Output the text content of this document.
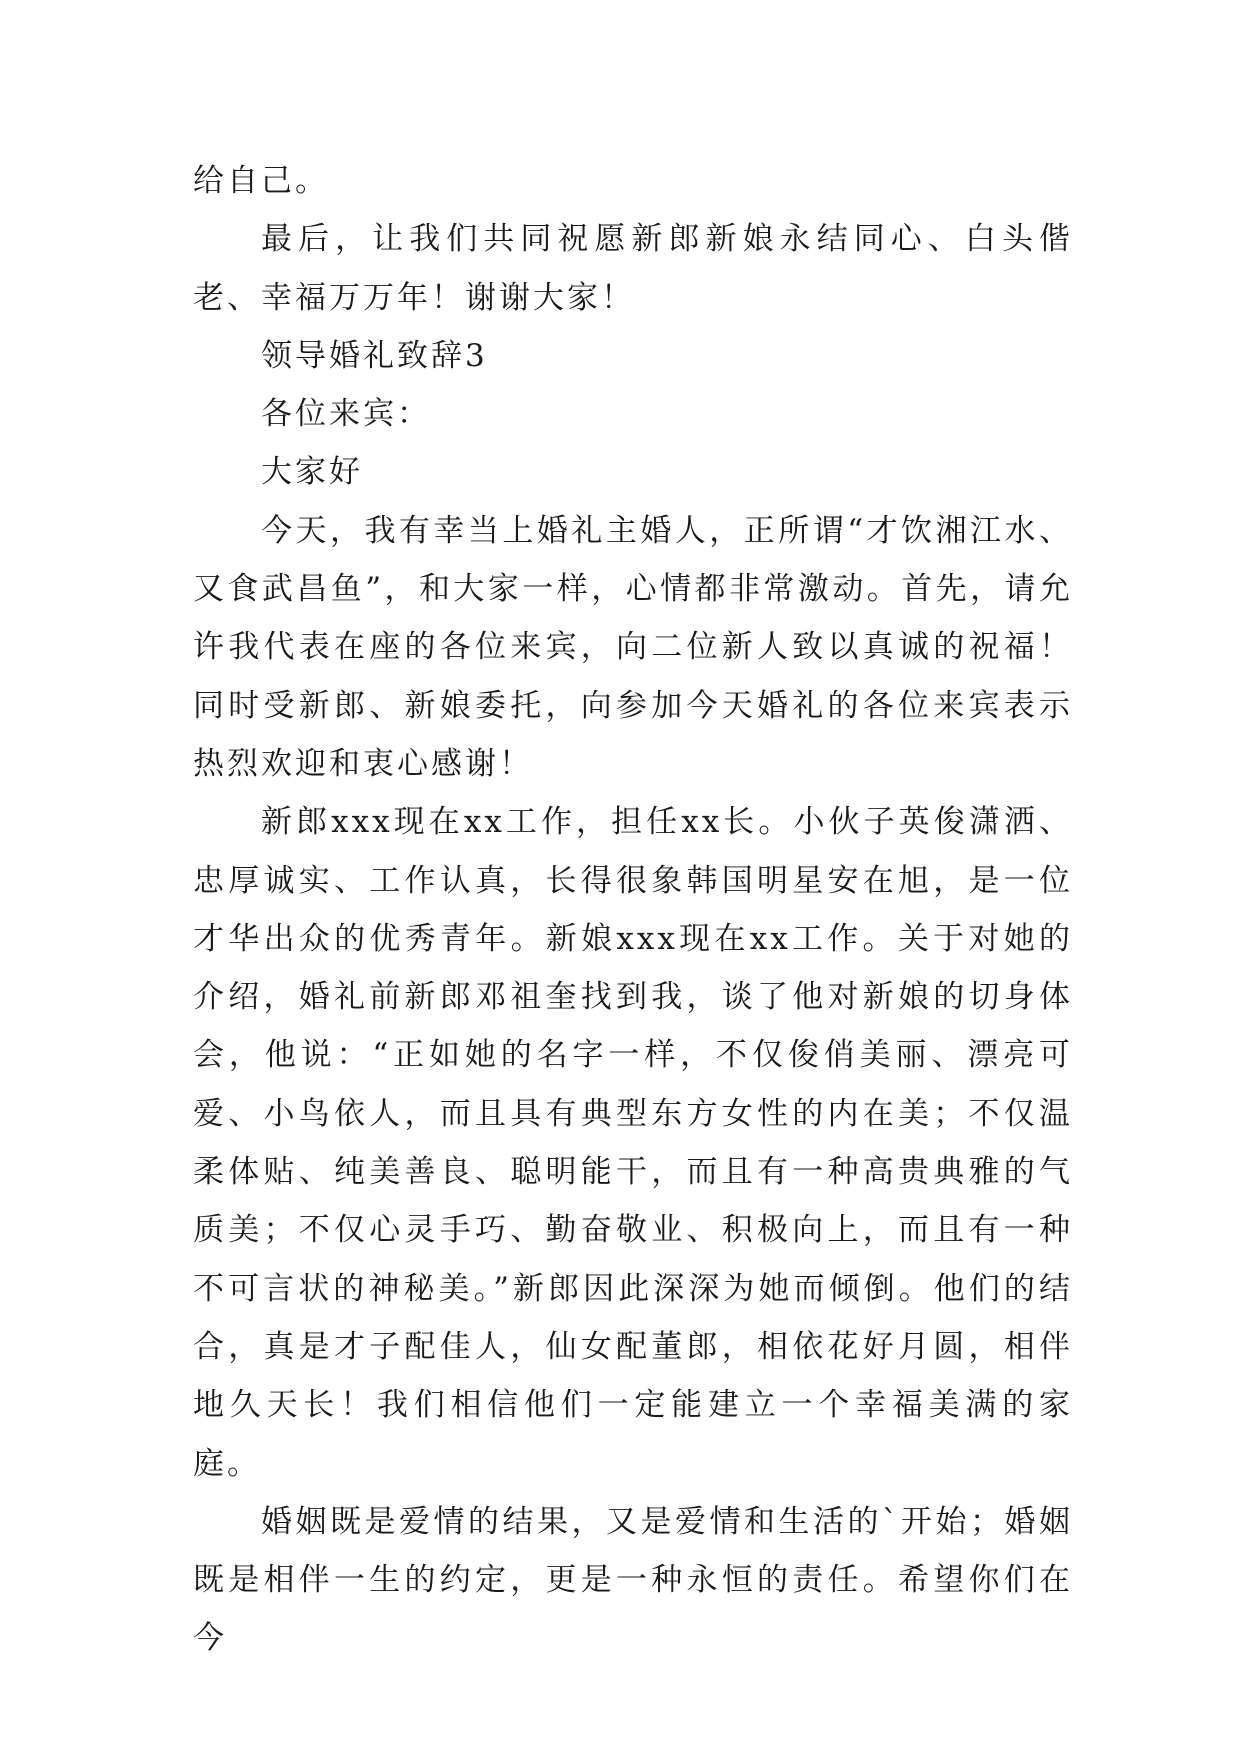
给自己。

最后，让我们共同祝愿新郎新娘永结同心、白头偕老、幸福万万年！谢谢大家！

领导婚礼致辞3

各位来宾：

大家好

今天，我有幸当上婚礼主婚人，正所谓“才饮湘江水、又食武昌鱼”，和大家一样，心情都非常激动。首先，请允许我代表在座的各位来宾，向二位新人致以真诚的祝福！同时受新郎、新娘委托，向参加今天婚礼的各位来宾表示热烈欢迎和衷心感谢！

新郎xxx现在xx工作，担任xx长。小伙子英俊潇洒、忠厚诚实、工作认真，长得很象韩国明星安在旭，是一位才华出众的优秀青年。新娘xxx现在xx工作。关于对她的介绍，婚礼前新郎邓祖奎找到我，谈了他对新娘的切身体会，他说：“正如她的名字一样，不仅俊俏美丽、漂亮可爱、小鸟依人，而且具有典型东方女性的内在美；不仅温柔体贴、纯美善良、聪明能干，而且有一种高贵典雅的气质美；不仅心灵手巧、勤奋敬业、积极向上，而且有一种不可言状的神秘美。”新郎因此深深为她而倾倒。他们的结合，真是才子配佳人，仙女配董郎，相依花好月圆，相伴地久天长！我们相信他们一定能建立一个幸福美满的家庭。

婚姻既是爱情的结果，又是爱情和生活的`开始；婚姻既是相伴一生的约定，更是一种永恒的责任。希望你们在今
